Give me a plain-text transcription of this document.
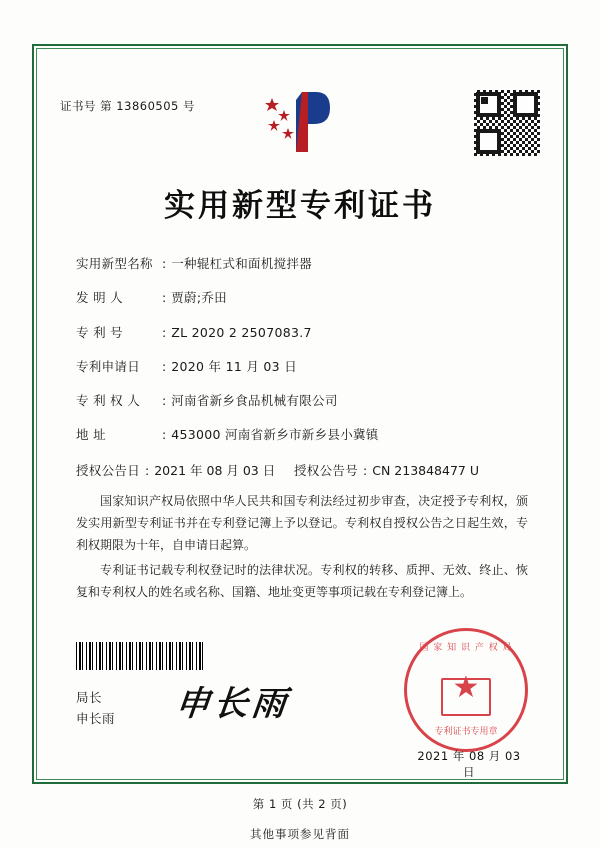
证书号 第 13860505 号
实用新型专利证书
实用新型名称 : 一种辊杠式和面机搅拌器
发 明 人	: 贾蔚;乔田
专 利 号	: ZL 2020 2 2507083.7
专利申请日	: 2020 年 11 月 03 日
专 利 权 人	: 河南省新乡食品机械有限公司
地 址	: 453000 河南省新乡市新乡县小冀镇
授权公告日 : 2021 年 08 月 03 日 授权公告号 : CN 213848477 U

国家知识产权局依照中华人民共和国专利法经过初步审查，决定授予专利权，颁发实用新型专利证书并在专利登记簿上予以登记。专利权自授权公告之日起生效，专利权期限为十年，自申请日起算。

专利证书记载专利权登记时的法律状况。专利权的转移、质押、无效、终止、恢复和专利权人的姓名或名称、国籍、地址变更等事项记载在专利登记簿上。

局长
申长雨 申长雨	★
国 家 知 识 产 权 局
专利证书专用章
2021 年 08 月 03 日
第 1 页 (共 2 页)
其他事项参见背面
